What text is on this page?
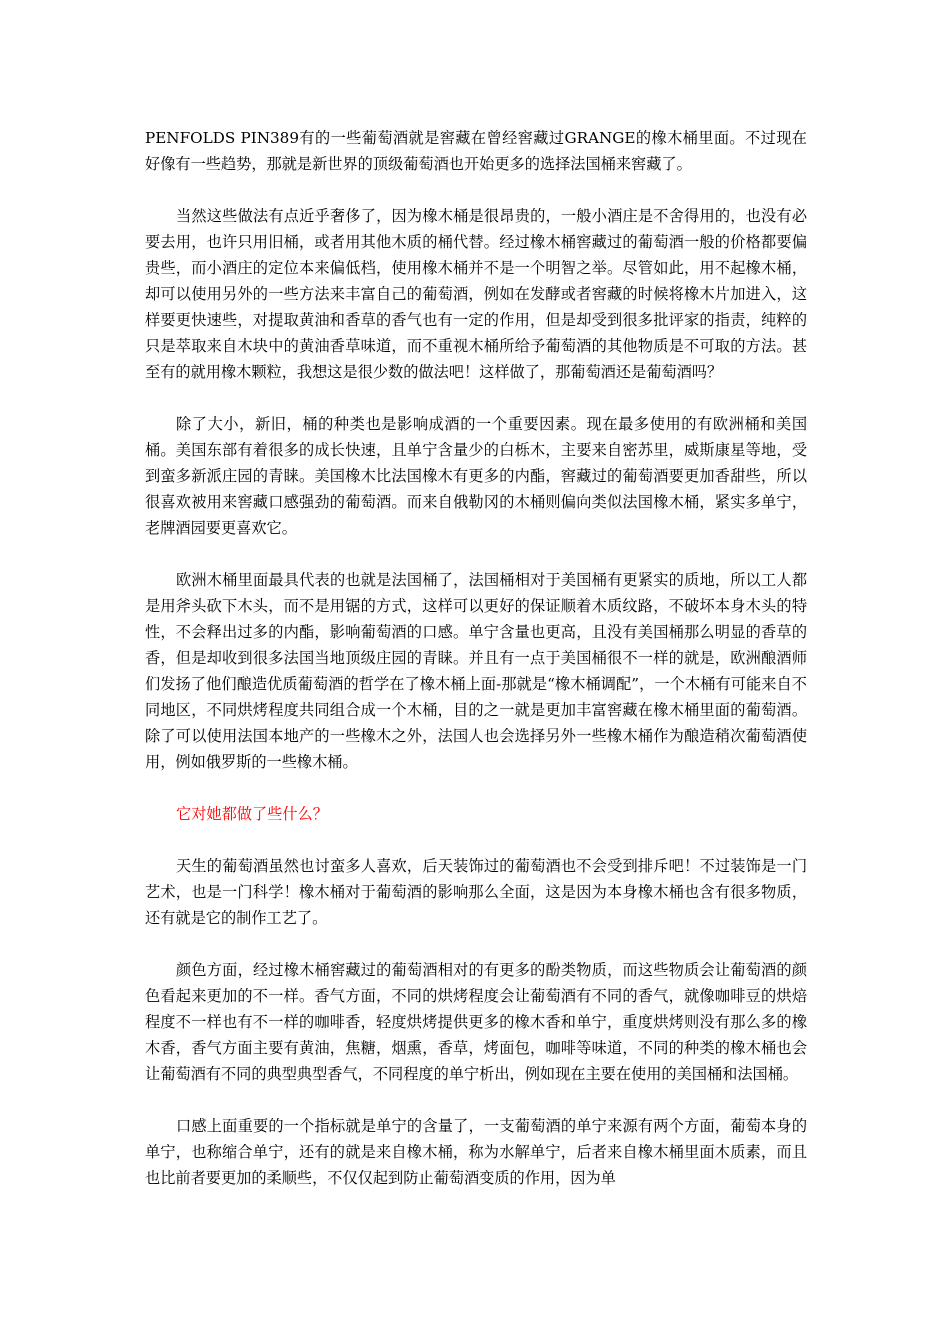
PENFOLDS PIN389有的一些葡萄酒就是窖藏在曾经窖藏过GRANGE的橡木桶里面。不过现在好像有一些趋势，那就是新世界的顶级葡萄酒也开始更多的选择法国桶来窖藏了。

当然这些做法有点近乎奢侈了，因为橡木桶是很昂贵的，一般小酒庄是不舍得用的，也没有必要去用，也许只用旧桶，或者用其他木质的桶代替。经过橡木桶窖藏过的葡萄酒一般的价格都要偏贵些，而小酒庄的定位本来偏低档，使用橡木桶并不是一个明智之举。尽管如此，用不起橡木桶，却可以使用另外的一些方法来丰富自己的葡萄酒，例如在发酵或者窖藏的时候将橡木片加进入，这样要更快速些，对提取黄油和香草的香气也有一定的作用，但是却受到很多批评家的指责，纯粹的只是萃取来自木块中的黄油香草味道，而不重视木桶所给予葡萄酒的其他物质是不可取的方法。甚至有的就用橡木颗粒，我想这是很少数的做法吧！这样做了，那葡萄酒还是葡萄酒吗？

除了大小，新旧，桶的种类也是影响成酒的一个重要因素。现在最多使用的有欧洲桶和美国桶。美国东部有着很多的成长快速，且单宁含量少的白栎木，主要来自密苏里，威斯康星等地，受到蛮多新派庄园的青睐。美国橡木比法国橡木有更多的内酯，窖藏过的葡萄酒要更加香甜些，所以很喜欢被用来窖藏口感强劲的葡萄酒。而来自俄勒冈的木桶则偏向类似法国橡木桶，紧实多单宁，老牌酒园要更喜欢它。

欧洲木桶里面最具代表的也就是法国桶了，法国桶相对于美国桶有更紧实的质地，所以工人都是用斧头砍下木头，而不是用锯的方式，这样可以更好的保证顺着木质纹路，不破坏本身木头的特性，不会释出过多的内酯，影响葡萄酒的口感。单宁含量也更高，且没有美国桶那么明显的香草的香，但是却收到很多法国当地顶级庄园的青睐。并且有一点于美国桶很不一样的就是，欧洲酿酒师们发扬了他们酿造优质葡萄酒的哲学在了橡木桶上面-那就是“橡木桶调配”，一个木桶有可能来自不同地区，不同烘烤程度共同组合成一个木桶，目的之一就是更加丰富窖藏在橡木桶里面的葡萄酒。除了可以使用法国本地产的一些橡木之外，法国人也会选择另外一些橡木桶作为酿造稍次葡萄酒使用，例如俄罗斯的一些橡木桶。

它对她都做了些什么？

天生的葡萄酒虽然也讨蛮多人喜欢，后天装饰过的葡萄酒也不会受到排斥吧！不过装饰是一门艺术，也是一门科学！橡木桶对于葡萄酒的影响那么全面，这是因为本身橡木桶也含有很多物质，还有就是它的制作工艺了。

颜色方面，经过橡木桶窖藏过的葡萄酒相对的有更多的酚类物质，而这些物质会让葡萄酒的颜色看起来更加的不一样。香气方面，不同的烘烤程度会让葡萄酒有不同的香气，就像咖啡豆的烘焙程度不一样也有不一样的咖啡香，轻度烘烤提供更多的橡木香和单宁，重度烘烤则没有那么多的橡木香，香气方面主要有黄油，焦糖，烟熏，香草，烤面包，咖啡等味道，不同的种类的橡木桶也会让葡萄酒有不同的典型典型香气，不同程度的单宁析出，例如现在主要在使用的美国桶和法国桶。

口感上面重要的一个指标就是单宁的含量了，一支葡萄酒的单宁来源有两个方面，葡萄本身的单宁，也称缩合单宁，还有的就是来自橡木桶，称为水解单宁，后者来自橡木桶里面木质素，而且也比前者要更加的柔顺些，不仅仅起到防止葡萄酒变质的作用，因为单
